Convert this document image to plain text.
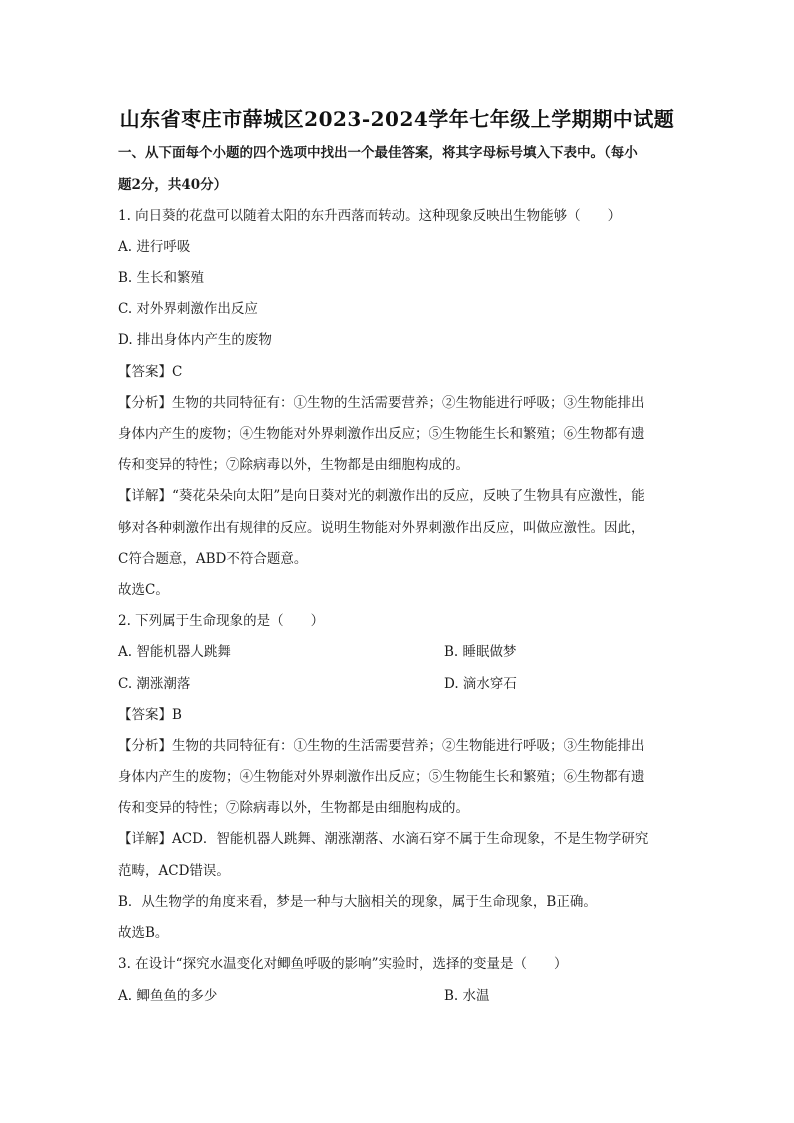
山东省枣庄市薛城区2023-2024学年七年级上学期期中试题
一、从下面每个小题的四个选项中找出一个最佳答案，将其字母标号填入下表中。（每小
题2分，共40分）
1. 向日葵的花盘可以随着太阳的东升西落而转动。这种现象反映出生物能够（　　）
A. 进行呼吸
B. 生长和繁殖
C. 对外界刺激作出反应
D. 排出身体内产生的废物
【答案】C
【分析】生物的共同特征有：①生物的生活需要营养；②生物能进行呼吸；③生物能排出
身体内产生的废物；④生物能对外界刺激作出反应；⑤生物能生长和繁殖；⑥生物都有遗
传和变异的特性；⑦除病毒以外，生物都是由细胞构成的。
【详解】“葵花朵朵向太阳”是向日葵对光的刺激作出的反应，反映了生物具有应激性，能
够对各种刺激作出有规律的反应。说明生物能对外界刺激作出反应，叫做应激性。因此，
C符合题意，ABD不符合题意。
故选C。
2. 下列属于生命现象的是（　　）
A. 智能机器人跳舞	B. 睡眠做梦
C. 潮涨潮落	D. 滴水穿石
【答案】B
【分析】生物的共同特征有：①生物的生活需要营养；②生物能进行呼吸；③生物能排出
身体内产生的废物；④生物能对外界刺激作出反应；⑤生物能生长和繁殖；⑥生物都有遗
传和变异的特性；⑦除病毒以外，生物都是由细胞构成的。
【详解】ACD．智能机器人跳舞、潮涨潮落、水滴石穿不属于生命现象，不是生物学研究
范畴，ACD错误。
B．从生物学的角度来看，梦是一种与大脑相关的现象，属于生命现象，B正确。
故选B。
3. 在设计“探究水温变化对鲫鱼呼吸的影响”实验时，选择的变量是（　　）
A. 鲫鱼鱼的多少	B. 水温
